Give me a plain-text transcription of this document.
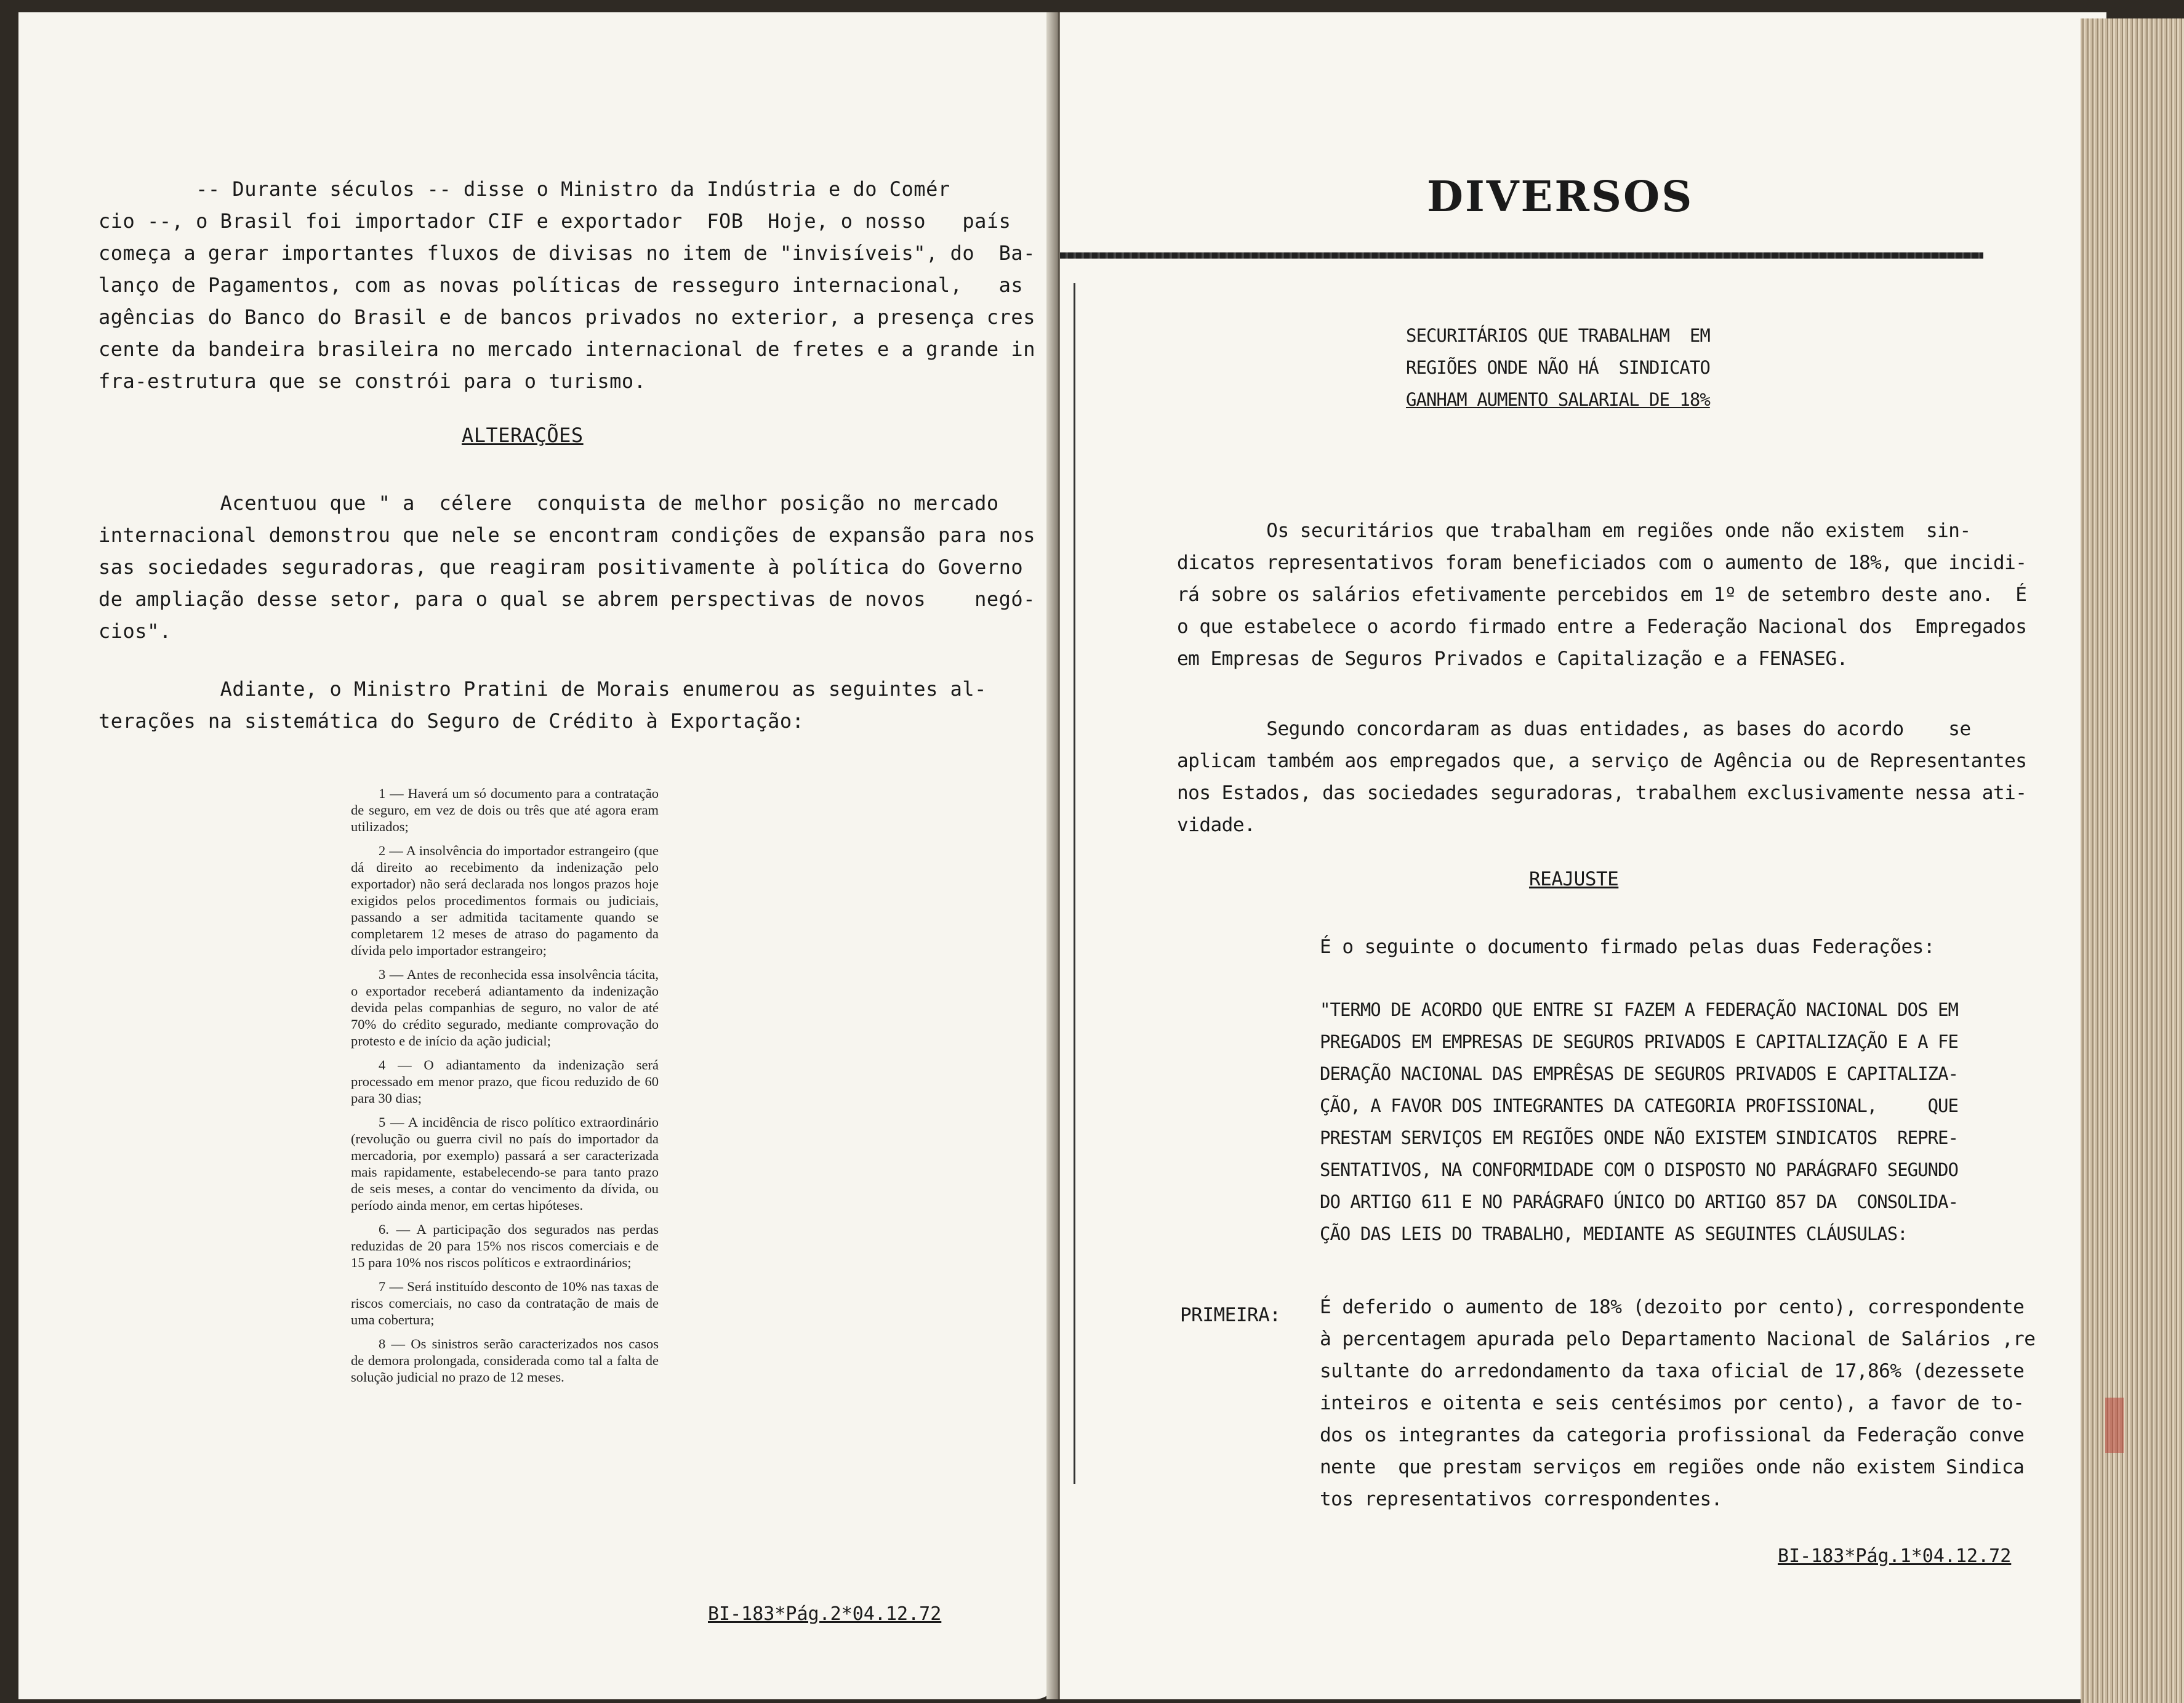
-- Durante séculos -- disse o Ministro da Indústria e do Comér
cio --, o Brasil foi importador CIF e exportador  FOB  Hoje, o nosso   país
começa a gerar importantes fluxos de divisas no item de "invisíveis", do  Ba-
lanço de Pagamentos, com as novas políticas de resseguro internacional,   as
agências do Banco do Brasil e de bancos privados no exterior, a presença cres
cente da bandeira brasileira no mercado internacional de fretes e a grande in
fra-estrutura que se constrói para o turismo.
ALTERAÇÕES
Acentuou que " a  célere  conquista de melhor posição no mercado
internacional demonstrou que nele se encontram condições de expansão para nos
sas sociedades seguradoras, que reagiram positivamente à política do Governo
de ampliação desse setor, para o qual se abrem perspectivas de novos    negó-
cios".
Adiante, o Ministro Pratini de Morais enumerou as seguintes al-
terações na sistemática do Seguro de Crédito à Exportação:

1 — Haverá um só documento para a contratação de seguro, em vez de dois ou três que até agora eram utilizados;

2 — A insolvência do importador estrangeiro (que dá direito ao recebimento da indenização pelo exportador) não será declarada nos longos prazos hoje exigidos pelos procedimentos formais ou judiciais, passando a ser admitida tacitamente quando se completarem 12 meses de atraso do pagamento da dívida pelo importador estrangeiro;

3 — Antes de reconhecida essa insolvência tácita, o exportador receberá adiantamento da indenização devida pelas companhias de seguro, no valor de até 70% do crédito segurado, mediante comprovação do protesto e de início da ação judicial;

4 — O adiantamento da indenização será processado em menor prazo, que ficou reduzido de 60 para 30 dias;

5 — A incidência de risco político extraordinário (revolução ou guerra civil no país do importador da mercadoria, por exemplo) passará a ser caracterizada mais rapidamente, estabelecendo-se para tanto prazo de seis meses, a contar do vencimento da dívida, ou período ainda menor, em certas hipóteses.

6. — A participação dos segurados nas perdas reduzidas de 20 para 15% nos riscos comerciais e de 15 para 10% nos riscos políticos e extraordinários;

7 — Será instituído desconto de 10% nas taxas de riscos comerciais, no caso da contratação de mais de uma cobertura;

8 — Os sinistros serão caracterizados nos casos de demora prolongada, considerada como tal a falta de solução judicial no prazo de 12 meses.

BI-183*Pág.2*04.12.72
SECURITÁRIOS QUE TRABALHAM  EM
REGIÕES ONDE NÃO HÁ  SINDICATO
GANHAM AUMENTO SALARIAL DE 18%
Os securitários que trabalham em regiões onde não existem  sin-
dicatos representativos foram beneficiados com o aumento de 18%, que incidi-
rá sobre os salários efetivamente percebidos em 1º de setembro deste ano.  É
o que estabelece o acordo firmado entre a Federação Nacional dos  Empregados
em Empresas de Seguros Privados e Capitalização e a FENASEG.
Segundo concordaram as duas entidades, as bases do acordo    se
aplicam também aos empregados que, a serviço de Agência ou de Representantes
nos Estados, das sociedades seguradoras, trabalhem exclusivamente nessa ati-
vidade.
REAJUSTE
É o seguinte o documento firmado pelas duas Federações:
"TERMO DE ACORDO QUE ENTRE SI FAZEM A FEDERAÇÃO NACIONAL DOS EM
PREGADOS EM EMPRESAS DE SEGUROS PRIVADOS E CAPITALIZAÇÃO E A FE
DERAÇÃO NACIONAL DAS EMPRÊSAS DE SEGUROS PRIVADOS E CAPITALIZA-
ÇÃO, A FAVOR DOS INTEGRANTES DA CATEGORIA PROFISSIONAL,     QUE
PRESTAM SERVIÇOS EM REGIÕES ONDE NÃO EXISTEM SINDICATOS  REPRE-
SENTATIVOS, NA CONFORMIDADE COM O DISPOSTO NO PARÁGRAFO SEGUNDO
DO ARTIGO 611 E NO PARÁGRAFO ÚNICO DO ARTIGO 857 DA  CONSOLIDA-
ÇÃO DAS LEIS DO TRABALHO, MEDIANTE AS SEGUINTES CLÁUSULAS:
PRIMEIRA: É deferido o aumento de 18% (dezoito por cento), correspondente
à percentagem apurada pelo Departamento Nacional de Salários ,re
sultante do arredondamento da taxa oficial de 17,86% (dezessete
inteiros e oitenta e seis centésimos por cento), a favor de to-
dos os integrantes da categoria profissional da Federação conve
nente  que prestam serviços em regiões onde não existem Sindica
tos representativos correspondentes.
BI-183*Pág.1*04.12.72
DIVERSOS
